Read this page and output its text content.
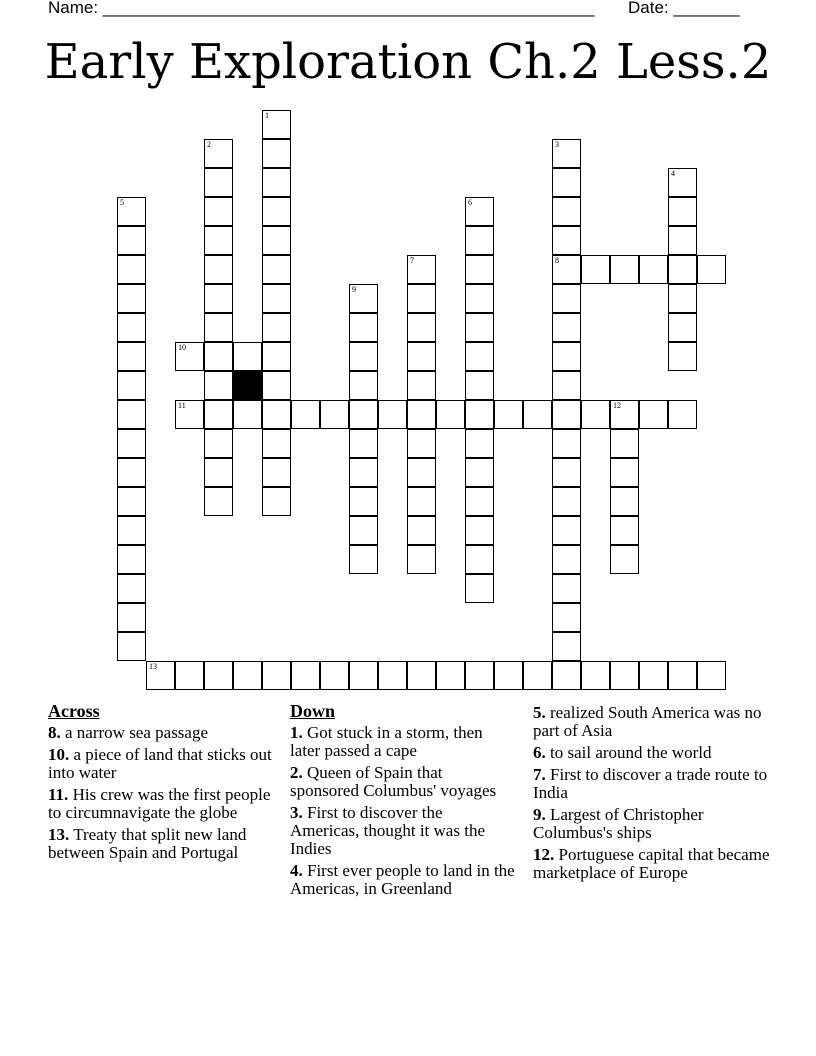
Name: ____________________________________________________ Date: _______
Early Exploration Ch.2 Less.2
1
2	3
8
4
5	6
7
9
10
11	12
13
Across
8. a narrow sea passage
10. a piece of land that sticks out into water
11. His crew was the first people to circumnavigate the globe
13. Treaty that split new land between Spain and Portugal
Down
1. Got stuck in a storm, then later passed a cape
2. Queen of Spain that sponsored Columbus' voyages
3. First to discover the Americas, thought it was the Indies
4. First ever people to land in the Americas, in Greenland
5. realized South America was no part of Asia
6. to sail around the world
7. First to discover a trade route to India
9. Largest of Christopher Columbus's ships
12. Portuguese capital that became marketplace of Europe
